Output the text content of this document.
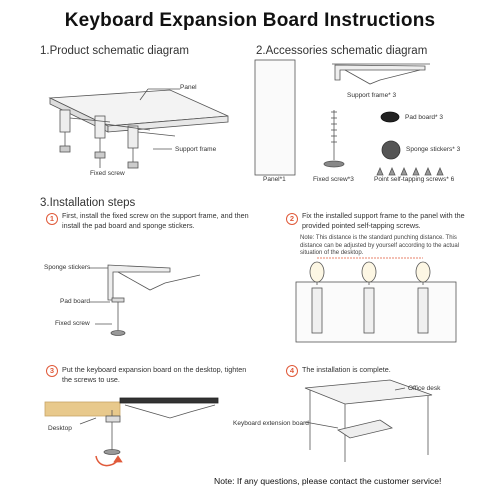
Keyboard Expansion Board Instructions
1.Product schematic diagram	2.Accessories schematic diagram
3.Installation steps
Panel
Support frame
Fixed screw
Support frame* 3
Pad board* 3
Sponge stickers* 3
Panel*1	Fixed screw*3	Point self-tapping screws* 6
1	First, install the fixed screw on the support frame, and then install the pad board and sponge stickers.
Sponge stickers
Pad board
Fixed screw
2	Fix the installed support frame to the panel with the provided pointed self-tapping screws.
Note: This distance is the standard punching distance. This distance can be adjusted by yourself according to the actual situation of the desktop.
3	Put the keyboard expansion board on the desktop, tighten the screws to use.
Desktop
4	The installation is complete.
Office desk
Keyboard extension board
Note: If any questions, please contact the customer service!
